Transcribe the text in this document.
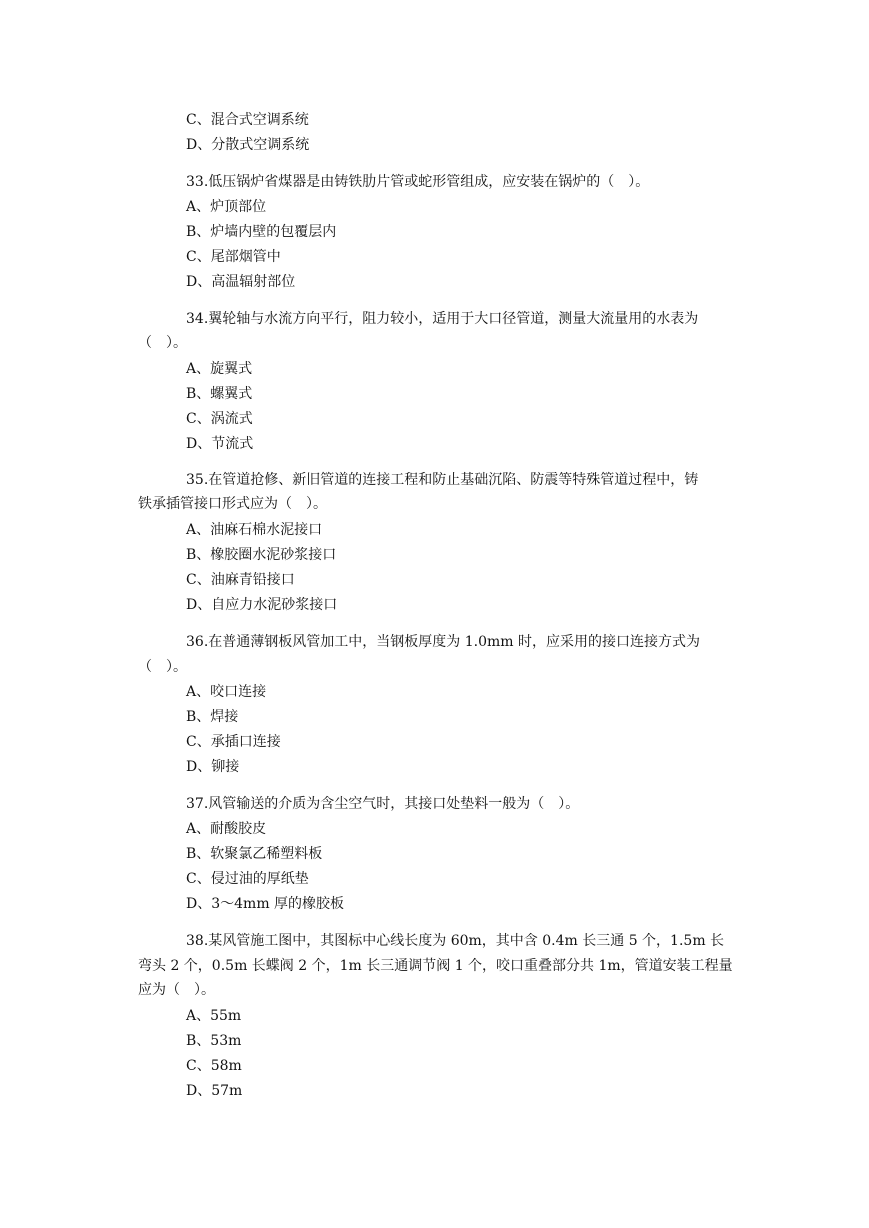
C、混合式空调系统
D、分散式空调系统
33.低压锅炉省煤器是由铸铁肋片管或蛇形管组成，应安装在锅炉的（　）。
A、炉顶部位
B、炉墙内壁的包覆层内
C、尾部烟管中
D、高温辐射部位
34.翼轮轴与水流方向平行，阻力较小，适用于大口径管道，测量大流量用的水表为
（　）。
A、旋翼式
B、螺翼式
C、涡流式
D、节流式
35.在管道抢修、新旧管道的连接工程和防止基础沉陷、防震等特殊管道过程中，铸
铁承插管接口形式应为（　）。
A、油麻石棉水泥接口
B、橡胶圈水泥砂浆接口
C、油麻青铅接口
D、自应力水泥砂浆接口
36.在普通薄钢板风管加工中，当钢板厚度为 1.0mm 时，应采用的接口连接方式为
（　）。
A、咬口连接
B、焊接
C、承插口连接
D、铆接
37.风管输送的介质为含尘空气时，其接口处垫料一般为（　）。
A、耐酸胶皮
B、软聚氯乙稀塑料板
C、侵过油的厚纸垫
D、3～4mm 厚的橡胶板
38.某风管施工图中，其图标中心线长度为 60m，其中含 0.4m 长三通 5 个，1.5m 长
弯头 2 个，0.5m 长蝶阀 2 个，1m 长三通调节阀 1 个，咬口重叠部分共 1m，管道安装工程量
应为（　）。
A、55m
B、53m
C、58m
D、57m
